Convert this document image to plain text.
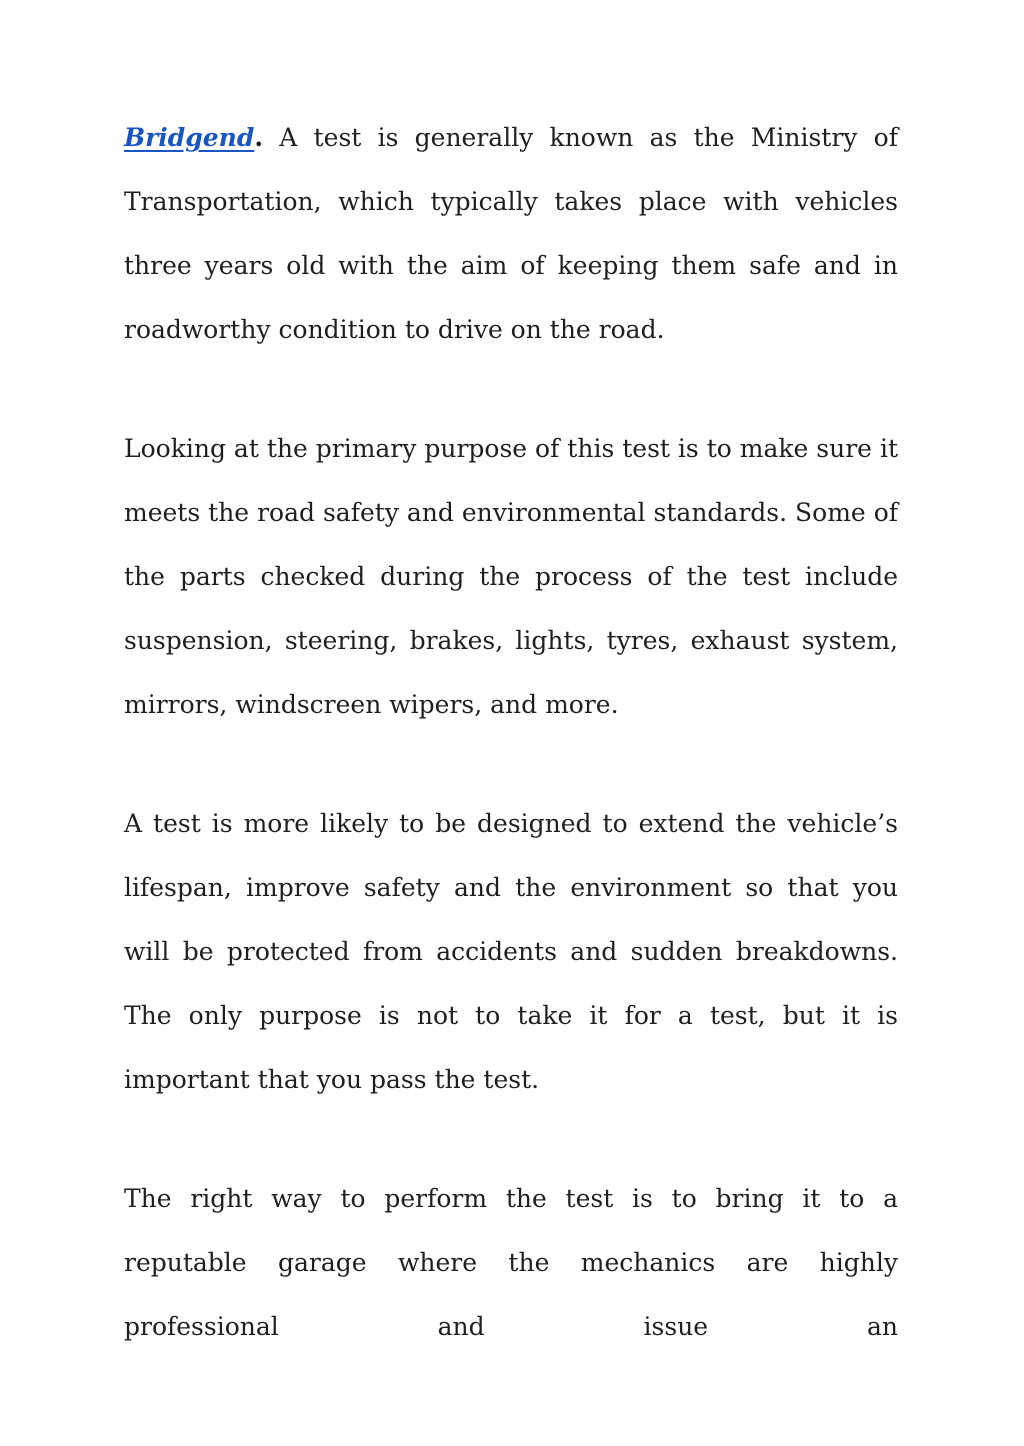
Bridgend. A test is generally known as the Ministry of Transportation, which typically takes place with vehicles three years old with the aim of keeping them safe and in roadworthy condition to drive on the road.

Looking at the primary purpose of this test is to make sure it meets the road safety and environmental standards. Some of the parts checked during the process of the test include suspension, steering, brakes, lights, tyres, exhaust system, mirrors, windscreen wipers, and more.

A test is more likely to be designed to extend the vehicle’s lifespan, improve safety and the environment so that you will be protected from accidents and sudden breakdowns. The only purpose is not to take it for a test, but it is important that you pass the test.

The right way to perform the test is to bring it to a reputable garage where the mechanics are highly professional and issue an
